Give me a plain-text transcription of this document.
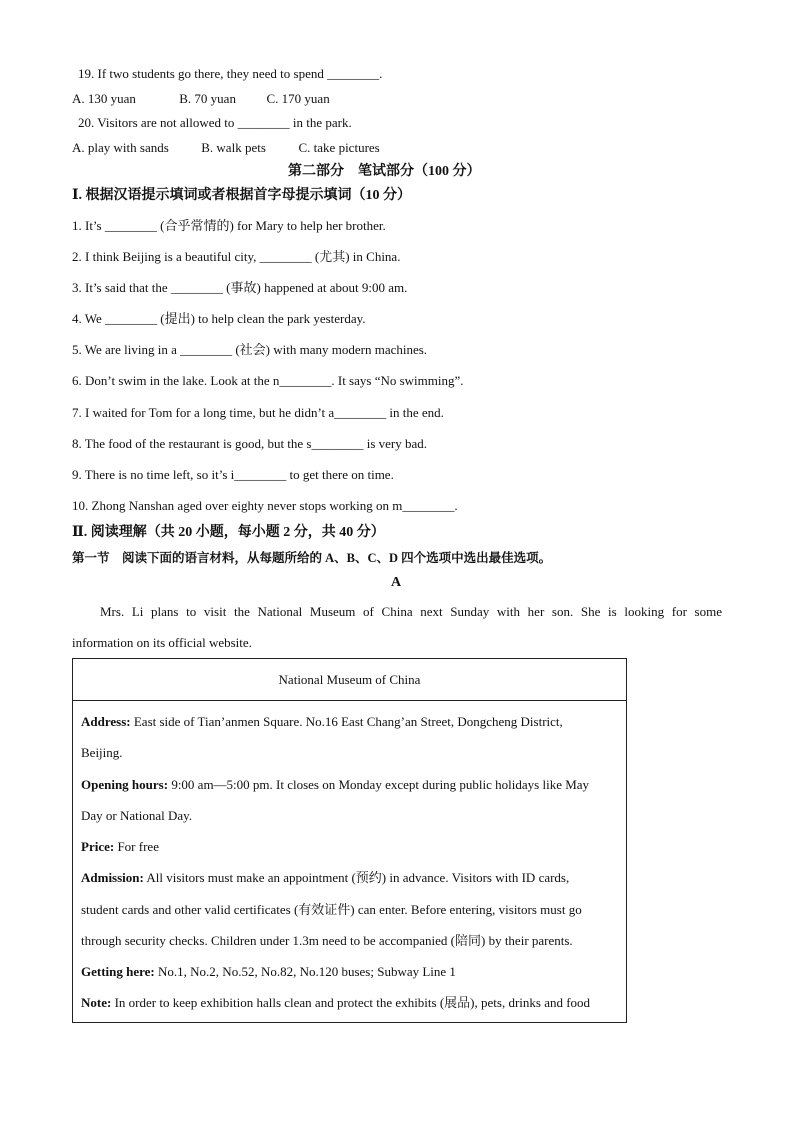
19. If two students go there, they need to spend ________.
A. 130 yuan	B. 70 yuan C. 170 yuan
20. Visitors are not allowed to ________ in the park.
A. play with sands B. walk pets	C. take pictures
第二部分　笔试部分（100 分）
Ⅰ. 根据汉语提示填词或者根据首字母提示填词（10 分）
1. It’s ________ (合乎常情的) for Mary to help her brother.
2. I think Beijing is a beautiful city, ________ (尤其) in China.
3. It’s said that the ________ (事故) happened at about 9:00 am.
4. We ________ (提出) to help clean the park yesterday.
5. We are living in a ________ (社会) with many modern machines.
6. Don’t swim in the lake. Look at the n________. It says “No swimming”.
7. I waited for Tom for a long time, but he didn’t a________ in the end.
8. The food of the restaurant is good, but the s________ is very bad.
9. There is no time left, so it’s i________ to get there on time.
10. Zhong Nanshan aged over eighty never stops working on m________.
Ⅱ. 阅读理解（共 20 小题，每小题 2 分，共 40 分）
第一节　阅读下面的语言材料，从每题所给的 A、B、C、D 四个选项中选出最佳选项。
A
Mrs. Li plans to visit the National Museum of China next Sunday with her son. She is looking for some
information on its official website.
National Museum of China
Address: East side of Tian’anmen Square. No.16 East Chang’an Street, Dongcheng District,
Beijing.
Opening hours: 9:00 am—5:00 pm. It closes on Monday except during public holidays like May
Day or National Day.
Price: For free
Admission: All visitors must make an appointment (预约) in advance. Visitors with ID cards,
student cards and other valid certificates (有效证件) can enter. Before entering, visitors must go
through security checks. Children under 1.3m need to be accompanied (陪同) by their parents.
Getting here: No.1, No.2, No.52, No.82, No.120 buses; Subway Line 1
Note: In order to keep exhibition halls clean and protect the exhibits (展品), pets, drinks and food
